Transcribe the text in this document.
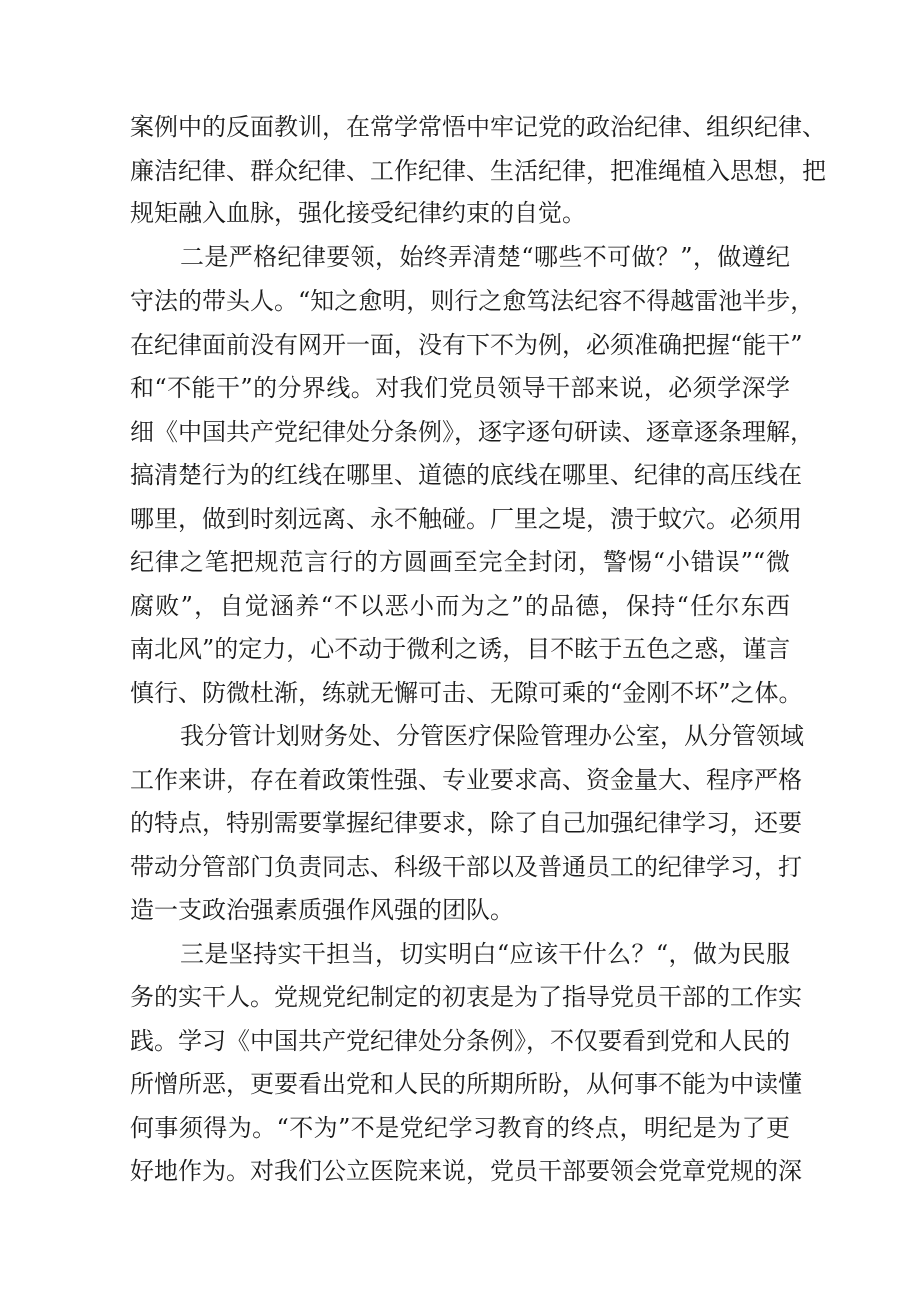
案例中的反面教训，在常学常悟中牢记党的政治纪律、组织纪律、
廉洁纪律、群众纪律、工作纪律、生活纪律，把准绳植入思想，把
规矩融入血脉，强化接受纪律约束的自觉。
二是严格纪律要领，始终弄清楚“哪些不可做？”，做遵纪
守法的带头人。“知之愈明，则行之愈笃法纪容不得越雷池半步，
在纪律面前没有网开一面，没有下不为例，必须准确把握“能干”
和“不能干”的分界线。对我们党员领导干部来说，必须学深学
细《中国共产党纪律处分条例》，逐字逐句研读、逐章逐条理解，
搞清楚行为的红线在哪里、道德的底线在哪里、纪律的高压线在
哪里，做到时刻远离、永不触碰。厂里之堤，溃于蚊穴。必须用
纪律之笔把规范言行的方圆画至完全封闭，警惕“小错误”“微
腐败”，自觉涵养“不以恶小而为之”的品德，保持“任尔东西
南北风”的定力，心不动于微利之诱，目不眩于五色之惑，谨言
慎行、防微杜渐，练就无懈可击、无隙可乘的“金刚不坏”之体。
我分管计划财务处、分管医疗保险管理办公室，从分管领域
工作来讲，存在着政策性强、专业要求高、资金量大、程序严格
的特点，特别需要掌握纪律要求，除了自己加强纪律学习，还要
带动分管部门负责同志、科级干部以及普通员工的纪律学习，打
造一支政治强素质强作风强的团队。
三是坚持实干担当，切实明白“应该干什么？“，做为民服
务的实干人。党规党纪制定的初衷是为了指导党员干部的工作实
践。学习《中国共产党纪律处分条例》，不仅要看到党和人民的
所憎所恶，更要看出党和人民的所期所盼，从何事不能为中读懂
何事须得为。“不为”不是党纪学习教育的终点，明纪是为了更
好地作为。对我们公立医院来说，党员干部要领会党章党规的深
